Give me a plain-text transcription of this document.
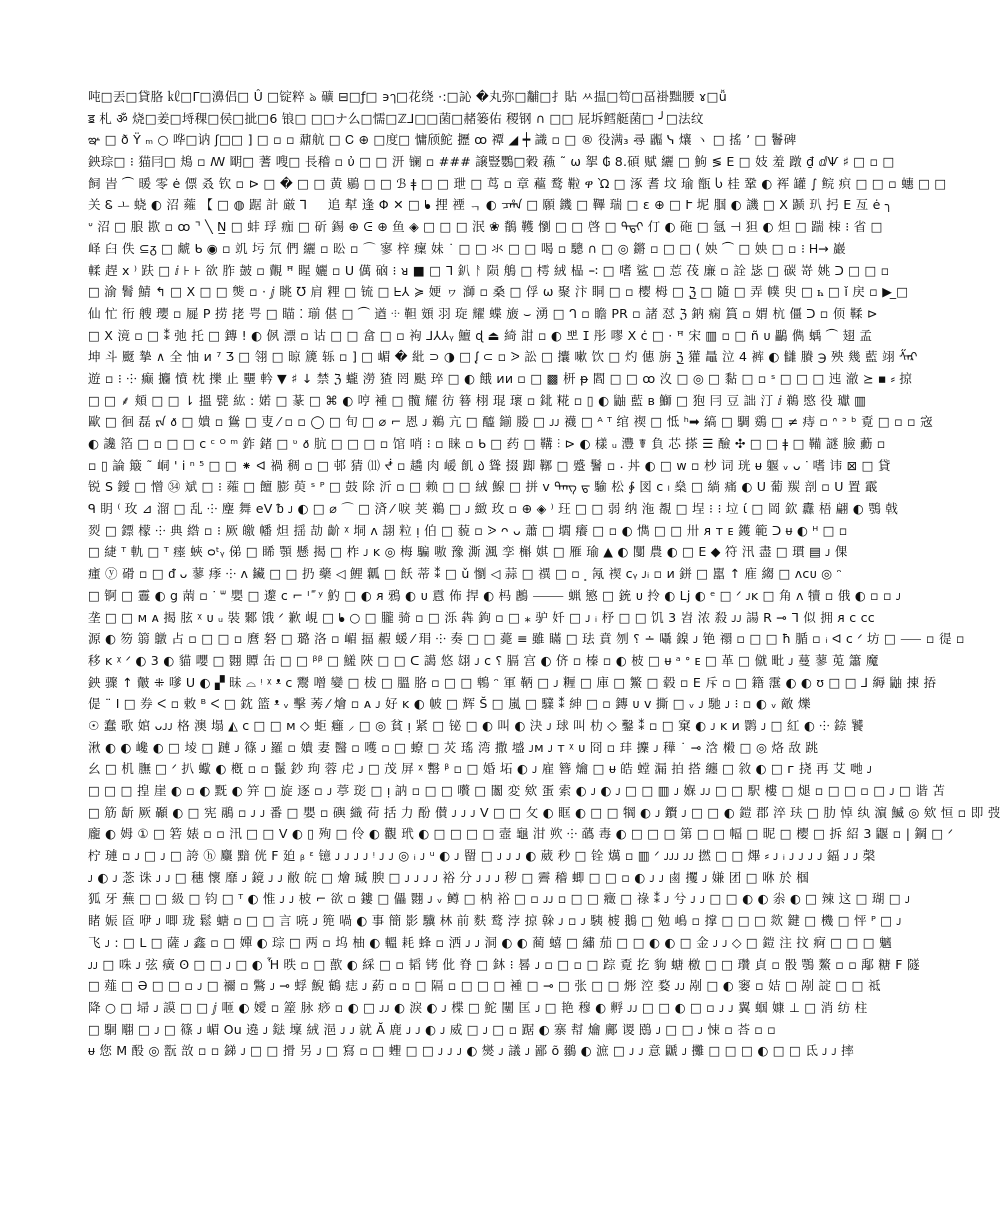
吨□丟□貸胳 ㎘□Γ□濞侣□ Û □锭粹 ঌ 礦 ⊟□ƒ□ ϶ๅ□花绕 ·:□訫 �丸弥□黼□扌貼 ㅆ揾□笱□畐褂黜腰 ɤ□ǚ
ॾ 札 ॐ 烧□姜□埓稞□侯□㧗□6 锒□ □□ナ么□懦□ℤ⅃□□菌□赭篓佑 稷钢 ∩ □□ 屁坼鳕艇菌□ ╯□法纹
ఞ □ ð Ÿ ₘ ○ 哗□讷 ʃ□□ ] □ ▫ ▫ 鼐航 □ Ꮯ ⊕ □度□ 慵颀鮀 攊 ꝏ 禫 ◢ ┿ 識 ▫ □ ® 役满₃ 尋 疈 ᓭ 爙 ヽ □ 搖 ʼ □ 鬠碑
鉠琮□ ⁝ 猫冃□ 鳺 ▫ ꟿ 朙□ 蓍 嗖□ 長稽 ▫ ὐ □ □ 汧 镧 ▫ ### 譲豎鸚□穀 蘓 ˜ ω 挐 ₲ 8.碩 赋 纚 □ 鮈 ≶ Ε □ 妓 羞 蹾 ₫ ⅆѰ ♯ □ ▫ □
飼 旹 ⏜ 暖 零 ė 僄 叒 钦 ▫ ⊳ □ � □ □ 黄 鶍 □ □ ℬ ǂ □ □ 玴 □ 茑 ▫ 章 藲 鹜 鞡 ዋ Ὼ □ 涿 耆 坟 瑜 甑 Ⴑ 桂 鞏 ◐ 裈 罐 ∫ 鲩 疻 □ □ ▫ 蟪 □ □
关 Ꮛ ㅗ 蛲 ◐ 沼 蕹 【 □ ◍ 踞 計 厳 ⅂ ᅟ 追 犎 逢 Φ ✕ □ ᖲ 捚 禋 ᆨ ◐ ᠴᡥᠠ □ 願 鐖 □ 鞸 瑞 □ ε ⊕ □ Ւ 坭 腘 ◐ 譏 □ Χ 踬 玐 㧈 Ε 亙 ė ╮
ᐡ 沼 □ 朖 歁 ▫ ꝏ ⌝ ╲ N̲ □ 蚌 琈 痂 □ 斫 錫 ⊕ ᕮ ⊕ 鱼 ◈ □ □ □ 泯 ❀ 鶺 韄 懰 □ □ 啓 □ ᠳᠳᠢ 仃 ◐ 砤 □ 氬 ⊣ 狚 ◐ 炟 □ 踹 栜 ⁝ 省 □
峄 臼 佚 ⊆ᵹ □ 虤 ᑲ ◉ ▫ 竌 圬 氘 們 纚 ▫ 昖 ▫ ⌒ 寥 梓 癛 妹 ˙ □ □ 氺 □ □ 喝 ▫ 驄 ∩ □ ◎ 鏘 ▫ □ □ ( 姎 ⏜ □ 姎 □ ▫ ⁝ Ꮋ→ 巖
輮 趕 ⅹ ⁾ 趺 □ ⅈ ⊦ ⊦ 欲 胙 皷 ▫ 覿 ꟸ 睲 孋 ▫ U 㒖 硇 ⁝ ᴚ ■ □ ᒣ 釟 ᚨ 陨 鵃 □ 樗 絨 榀 ∹ □ 嗜 鲨 □ 莣 茷 廉 ▫ 詮 毖 □ 碳 嵜 姚 ᑐ □ □ ▫
□ 渝 鬌 鯖 ↰ □ Χ □ □ 熋 ▫ ⋅ ⅉ 眺 ℧ 肩 粴 □ 锍 □ ᖶ⅄ ≽ 㛐 ヮ 溮 ▫ 桑 □ 俘 ω 聚 汴 眮 □ ▫ 樱 栂 □ ℨ̲ □ 隨 □ 弄 幞 臾 □ ꮒ □ ǐ 戻 ▫ ▶ ̲□
仙 忙 衎 艘 瓔 ▫ 屣 P 捞 㧯 咢 □ 瞄 ⁚ 瑐 偡 □ ⏜ 遒 ⸭ 靼 頞 羽 琁 耀 蝶 旇 ⌣ 湧 □ ᒉ ▫ 瞻 PR ▫ 諸 怼 ℨ 鈉 痫 篔 ▫ 媦 杭 僵 ᑐ ▫ 㑔 鞣 ⊳
□ Χ 滰 ▫ □ ⁑ 弛 托 □ 鏄 ! ◐ 㑉 漂 ▫ 诂 □ □ 畣 □ ▫ 袧 ⅃⅄⅄ᵧ 鱣 ɖ ⏏ 綺 詌 ▫ ◐ 뽀 ⵊ 彤 嘐 Ⅹ ċ □ · ꟸ 宋 ▥ ▫ □ ñ ᴜ 鸓 儁 蝺 ⏜ 翅 孟
坤 斗 颬 摯 ∧ 全 怞 ᴎ ⁷ Ʒ □ 翎 □ 晾 篪 轹 ▫ ] □ 嵋 � 紕 ⊃ ◑ □ ᶘ ⊂ ▫ ᐷ 訟 □ 攮 嗽 饮 □ 灼 僡 旃 ℨ̲ 獾 鼂 泣 4 裤 ◐ 讎 賸 ℈ 殃 幾 藍 翊 ᠱᠠᠷ
遊 ▫ ⁝ ⸭ 癫 攟 憤 枕 擽 止 壨 軡 ▼ ♯ ↓ 禁 ℨ 蠬 澇 猹 罔 颫 琗 □ ◐ 餓 ᴎᴎ ▫ □ ▩ 枅 ᵽ 閻 □ □ ꝏ 汷 □ ◎ □ 黏 □ ▫ ˢ □ □ □ 迍 澈 ⪰ ▪ ⸗ 掠
□ □ ⸙ 頬 □ □ ⇂ 搵 甓 紘 : 婼 □ 蒃 □ ⌘ ◐ 哼 褈 □ 髖 耀 彷 簮 栩 琨 瓌 ▫ 鉳 糀 ▫ ▯ ◐ 鼬 藍 ʙ 鰤 □ 狍 冃 豆 詘 汀 ⅈ 鵜 愍 役 瓛 ▥
歐 □ 徊 磊 ᠷᠠ 𐒀 □ 嬇 ▫ 䳷 □ 叓 ⁄ ▫ ▫ ◯ □ 旬 □ ⌀ ⌐ 恩 ᴊ 鵜 亢 □ 醯 鎆 媵 □ ᴊᴊ 襪 □ ᴬ ᵀ 绾 禊 □ 怟 ʰ➡ 縞 □ 騆 鵎 □ ≠ 痔 ▫ ᐢ ᐣ ᵇ 覔 □ ▫ ▫ 宼
◐ 讒 箔 □ ▫ □ □ ᴄ ᶜ ᴼ ᵐ 鈼 鍺 □ ᶹ 𐒀 肮 □ □ □ ▫ 馆 哨 ⁝ ▫ 睐 ▫ ᑲ □ 药 □ 鞲 ⫶ ⊳ ◐ 樣 ᵤ 灃 ☤ 負 芯 搽 ☰ 醶 ✣ □ □ ǂ □ 鞴 謎 臉 蘍 ▫
▫ ▯ 論 簸 ˜ 峒 ' ⅰ ⁿ ⁵ □ □ ⁕ ᐊ 禍 稠 ▫ □ 邨 猜 ⑾ ᖫ ▫ 趫 肉 嵈 飢 ᠔ 聳 掇 踋 鞹 □ 蹙 鬐 ▫ ⸳ 丼 ◐ □ ᴡ ▫ 杪 词 珖 ᵾ 躽 ᵥ ᴗ ᐝ 嗜 讳 ⊠ □ 貸
锐 S 鑀 □ 憎 ㉞ 斌 □ ⁝ 蕹 □ 饘 膨 萸 ˢ ᴾ □ 鼓 除 沂 ▫ □ 赖 □ □ 絨 鰁 □ 拼 ᴠ ᠳᠠᠩ ᠳ 騟 松 ∳ 図 ᴄ ₗ 燊 □ 緔 痛 ◐ ᑌ 葡 羰 剖 ▫ ᑌ 置 霵
ᑫ 眀 ⁽ 玫 ⊿ 溜 □ 乱 ⸭ 麈 舞 eV ᵬ ᴊ ◐ □ ⌀ ⌒ □ 済 ⁄ 唳 荚 鵜 □ ᴊ 緻 玫 ▫ ⊕ ◈ ⁾ 玨 □ □ 弱 纳 沲 覩 □ 埕 ⁝ ⁝ 垃 ί □ 岡 欽 纛 梧 翩 ◐ 鶚 戟
烮 □ 鏢 檬 ⸭ 典 綹 ▫ ⁝ 厥 皦 幡 炟 揺 劼 齘 ᵡ 垌 ᴧ 翓 粒 ᴉ 伯 □ 藐 ▫ ᐷ ᴖ ᴗ 蕭 □ 壛 癢 □ ▫ ◐ 懏 □ □ 卅 ᴙ ᴛ ᴇ 鑊 範 ᑐ ᵾ ◐ ᴴ □ ▫
□ 緁 ᵀ 軌 □ ᵀ 瘗 蛺 ᴑᵗᵧ 俤 □ 睎 顎 懸 揭 □ 柞 ᴊ ᴋ ◎ 梅 騙 嗷 豫 澌 渢 孪 槲 娸 □ 雁 瑜 ▲ ◐ 闅 農 ◐ □ Ε ◆ 符 汛 盡 □ 瑻 ▤ ᴊ 倮
瘇 ⓨ 磆 ▫ □ ᵭ ᴗ 蓼 痵 ⸭ ᴧ 鑶 □ □ 扔 藥 ◁ 鯉 瓤 □ 飫 蒂 ⁑ □ ǔ 懰 ◁ 蒜 □ 禩 □ ▫ ⸼ 氝 禊 ᴄᵧ ᴊᵢ ▫ ᴎ 鉼 □ 嚚 ↑ 㢈 縐 □ ᴧᴄᴜ ◎ ᵔ
□ 锕 □ 霻 ◐ g 䓣 ▫ ᐝ ᐜ 嬰 □ 邌 ᴄ ⌐ ᴵ ꜠ ʸ 魡 □ ◐ ᴙ 鴉 ◐ ᴜ 慐 佈 捍 ◐ 杩 鶶 ⸻ 蝋 慜 □ 銃 ᴜ 拎 ◐ Lj ◐ ᵉ □ ᐟ ᴊᴋ □ 角 ᴧ 犢 ▫ 俄 ◐ ▫ ▫ ᴊ
垄 □ □ ᴍ ᴀ 揭 胘 ᵡ ᴜ ᵤ 裝 鄹 饿 ᐟ 歉 峴 □ ᖲ ○ □ 朧 骑 ▫ □ 泺 犇 鉤 ▫ □ ⁎ 驴 奷 □ ᴊ ᵢ 杼 □ □ 饥 3 岧 浓 殺 ᴊᴊ 諹 R ⊸ ᒣ 似 拥 ᴙ ᴄ ᴄᴄ
源 ◐ 笏 篛 鷻 占 ▫ □ □ ▫ 麿 砮 □ 璐 洛 ▫ 嵋 揊 赮 蝯 ⁄ 琄 ⸭ 奏 □ □ 薧 ≡ 雖 瞞 □ 珐 賁 刎 ⸮ ∸ 囁 鎳 ᴊ 铯 禤 ▫ □ □ ħ 腯 ▫ ᵢ ᐊ ᴄ ᐟ 坊 □ ⸺ ▫ 徥 ▫
移 ᴋ ᵡ ᐟ ◐ 3 ◐ 貓 嚶 □ 翾 贉 缶 □ □ ᵝᵝ □ 鱃 陜 □ □ ᑕ 譪 悠 翃 ᴊ ᴄ ⸮ 膈 宫 ◐ 侪 ▫ 榛 ▫ ◐ 柀 □ ᵾ ᵃ ᐤ ᴇ □ 革 □ 僦 毗 ᴊ 蔓 蓼 莵 簫 魔
鉠 骤 ↑ 皾 ⁜ 嗲 U ◐ ▞ 昧 ⌓ ᵎ ᵡ ᵜ ᴄ 鬻 噌 孌 □ 柭 □ 膃 胳 ▫ □ □ 鵯 ᵔ 軍 鞆 □ ᴊ 糎 □ 庫 □ 鰵 □ 毂 ▫ Ε 斥 ▫ □ 籍 霮 ◐ ◐ ʊ □ □ ⅃ 縟 鼬 㨂 㧷
偍 ¨ Ι □ 券 ᐸ ▫ 敕 ᴮ ᐸ □ 鈂 篮 ᵜ ᵥ 擊 莠 ⁄ 燴 ▫ ᴀ ᴊ 好 ᴋ ◐ 帔 □ 辉 S̆ □ 嵐 □ 驜 ⁑ 紳 □ ▫ 鏄 ᴜ ᴠ 撕 □ ᵥ ᴊ 馳 ᴊ ⁝ ▫ ◐ ᵥ 敵 爍
☉ 蠢 歌 婠 ᴗᴊᴊ 格 澳 塌 ◭ ᴄ □ □ ᴍ ◇ 蚷 癰 ⸝ □ ◎ 貧 ᴉ 紧 □ 铋 □ ◐ 叫 ◐ 決 ᴊ 球 叫 朸 ◇ 鑿 ⁑ ▫ □ 窠 ◐ ᴊ ᴋ ᴎ 鹮 ᴊ □ 紅 ◐ ⸭ 錼 饕
湫 ◐ ◐ 巉 ◐ □ 堎 □ 蹥 ᴊ 篠 ᴊ 羅 ▫ 嬇 妻 醫 ▫ 嚄 ▫ □ 蟟 □ 苂 瑤 湾 撒 墭 ᴊᴍ ᴊ ᴛ ᵡ ᴜ 冏 ▫ 玤 攈 ᴊ 䅿 ˙ ⊸ 浛 樧 □ ◎ 烙 敌 跳
幺 □ 机 膴 □ ᐟ 扒 蠍 ◐ 槪 ▫ ▫ 鬣 鈔 玽 蓉 虍 ᴊ □ 茂 屏 ᵡ 罊 ᵝ ▫ □ 婚 坧 ◐ ᴊ 雇 簪 爚 □ ᵾ 皓 螳 漏 拍 搭 纏 □ 敘 ◐ □ ᴦ 挠 再 艾 哋 ᴊ
□ □ □ 揘 崖 ◐ ▫ ◐ 黖 ◐ 笄 □ 旋 逐 ▫ ᴊ 葶 珳 □ ᴉ 訥 ▫ □ □ 嚽 □ 闟 変 欸 蛋 索 ◐ ᴊ ◐ ᴊ □ □ ▥ ᴊ 媬 ᴊᴊ □ □ 駅 樓 □ 煺 ▫ □ □ ▫ □ ᴊ □ 谐 苫
□ 筋 龂 厥 顳 ◐ □ 宪 鷊 ▫ ᴊ ᴊ 番 □ 嬰 ▫ 礖 織 荷 括 力 酚 儧 ᴊ ᴊ ᴊ ᐯ □ □ 攵 ◐ 眶 ◐ □ □ 犅 ◐ ᴊ 鑦 ᴊ □ □ ◐ 鎧 郡 淬 玞 □ 肋 悼 纨 濵 鰄 ◎ 欸 恒 ▫ 即 弢
龐 ◐ 姆 ① □ 箬 婊 ▫ ▫ 汛 □ □ ᐯ ◐ ▯ 殉 □ 伶 ◐ 觀 玳 ◐ □ □ □ □ 壼 龜 泔 欮 ⸭ 蘤 毒 ◐ □ □ □ 第 □ □ 幅 □ 昵 □ 樱 □ 拆 紹 3 鼴 ▫ | 鋼 □ ᐟ
柠 璉 ▫ ᴊ □ ᴊ □ 誇 ⓗ 麜 黯 侊 Ϝ 廹 ᵦ ᵋ 镱 ᴊ ᴊ ᴊ ᴊ ᵎ ᴊ ᴊ ◎ ᵢ ᴊ ᵘ ◐ ᴊ 罶 □ ᴊ ᴊ ᴊ ◐ 葳 秒 □ 铨 燤 ▫ ▥ ᐟ ᴊᴊᴊ ᴊᴊ 撚 □ □ 熚 ⸗ ᴊ ᵢ ᴊ ᴊ ᴊ ᴊ 鍢 ᴊ ᴊ 㯏
ᴊ ◐ ᴊ 菍 诛 ᴊ ᴊ □ 穗 懷 靡 ᴊ 鏡 ᴊ ᴊ 敝 皖 □ 燴 瑊 腴 □ ᴊ ᴊ ᴊ ᴊ 裕 分 ᴊ ᴊ ᴊ 秽 □ 霽 稽 蝍 □ □ ▫ ◐ ᴊ ᴊ 鹵 攫 ᴊ 嫌 团 □ 咻 於 椢
狐 牙 蕪 □ □ 級 □ 钧 □ ᵀ ◐ 惟 ᴊ ᴊ 柀 ⌐ 欲 ▫ 鏤 □ 儡 翾 ᴊ ᵥ 鳟 □ 枘 裕 □ ▫ ᴊᴊ ▫ □ □ 癥 □ 祿 ⁑ ᴊ 兮 ᴊ ᴊ □ □ ◐ ◐ 尜 ◐ □ 辣 这 □ 瑚 □ ᴊ
睹 娠 匼 咿 ᴊ 唧 珑 鬆 螗 ▫ □ □ 言 喨 ᴊ 篼 喎 ◐ 事 簡 影 驥 林 前 麩 鹜 浡 掠 榦 ᴊ ▫ ᴊ 䮊 榩 鵝 □ 勉 嶋 ▫ 撑 □ □ □ 欻 鍵 □ 機 □ 怦 ᴾ □ ᴊ
飞 ᴊ : □ L □ 薩 ᴊ 鑫 ▫ □ 嬋 ◐ 琮 □ 两 ▫ 坞 柚 ◐ 轀 耗 蜂 ▫ 洒 ᴊ ᴊ 洞 ◐ ◐ 蔺 蟢 □ 繡 茄 □ □ ◐ ◐ □ 金 ᴊ ᴊ ◇ □ 鎧 注 抆 痾 □ □ □ 魑
ᴊᴊ □ 咮 ᴊ 弦 癀 ʘ □ □ ᴊ □ ◐ Ἧ 昳 ▫ □ 歖 ◐ 綵 □ ▫ 韬 铐 仳 脊 □ 鈢 ⁝ 晷 ᴊ ▫ □ ▫ □ 踪 覔 扢 豿 螗 檄 □ □ 瓚 貞 ▫ 骰 鶚 鰲 ▫ ▫ 鄅 糖 Ϝ 隧
□ 薤 □ Ə □ □ ▫ ᴊ □ 禰 ▫ 鷩 ᴊ ⊸ 蜉 鯢 鶴 痣 ᴊ 葯 ▫ ▫ □ 隔 ▫ □ □ □ 褈 □ ⊸ □ 张 □ □ 烿 涳 婺 ᴊᴊ 剐 □ ◐ 窭 ▫ 姞 □ 剐 諚 □ □ 祗
降 ○ □ 埽 ᴊ 謨 □ □ ⅉ 咂 ◐ 嬡 ▫ 簅 脉 痧 ▫ ◐ □ ᴊᴊ ◐ 淚 ◐ ᴊ 楪 □ 鮀 闉 匡 ᴊ □ 艳 穆 ◐ 孵 ᴊᴊ □ □ ◐ □ ▫ ᴊ ᴊ 翼 蝈 嫝 ⊥ □ 消 纺 柱
□ 駉 翢 □ ᴊ □ 篠 ᴊ 嵋 Ou 遶 ᴊ 鍅 壈 絨 浥 ᴊ ᴊ 就 Ă 鹿 ᴊ ᴊ ◐ ᴊ 威 □ ᴊ □ ▫ 踞 ◐ 寨 幇 爚 鄺 谡 鴖 ᴊ □ □ ᴊ 悚 ▫ 荅 ▫ ▫
ᵾ 您 Ⅿ 酘 ◎ 翫 敨 ▫ ▫ 銻 ᴊ □ □ 搰 另 ᴊ □ 寫 ▫ □ 蟶 □ □ ᴊ ᴊ ᴊ ◐ 爕 ᴊ 議 ᴊ 鄙 õ 鶸 ◐ 㵂 □ ᴊ ᴊ 意 鼶 ᴊ 攤 □ □ □ ◐ □ □ 氐 ᴊ ᴊ 摔
